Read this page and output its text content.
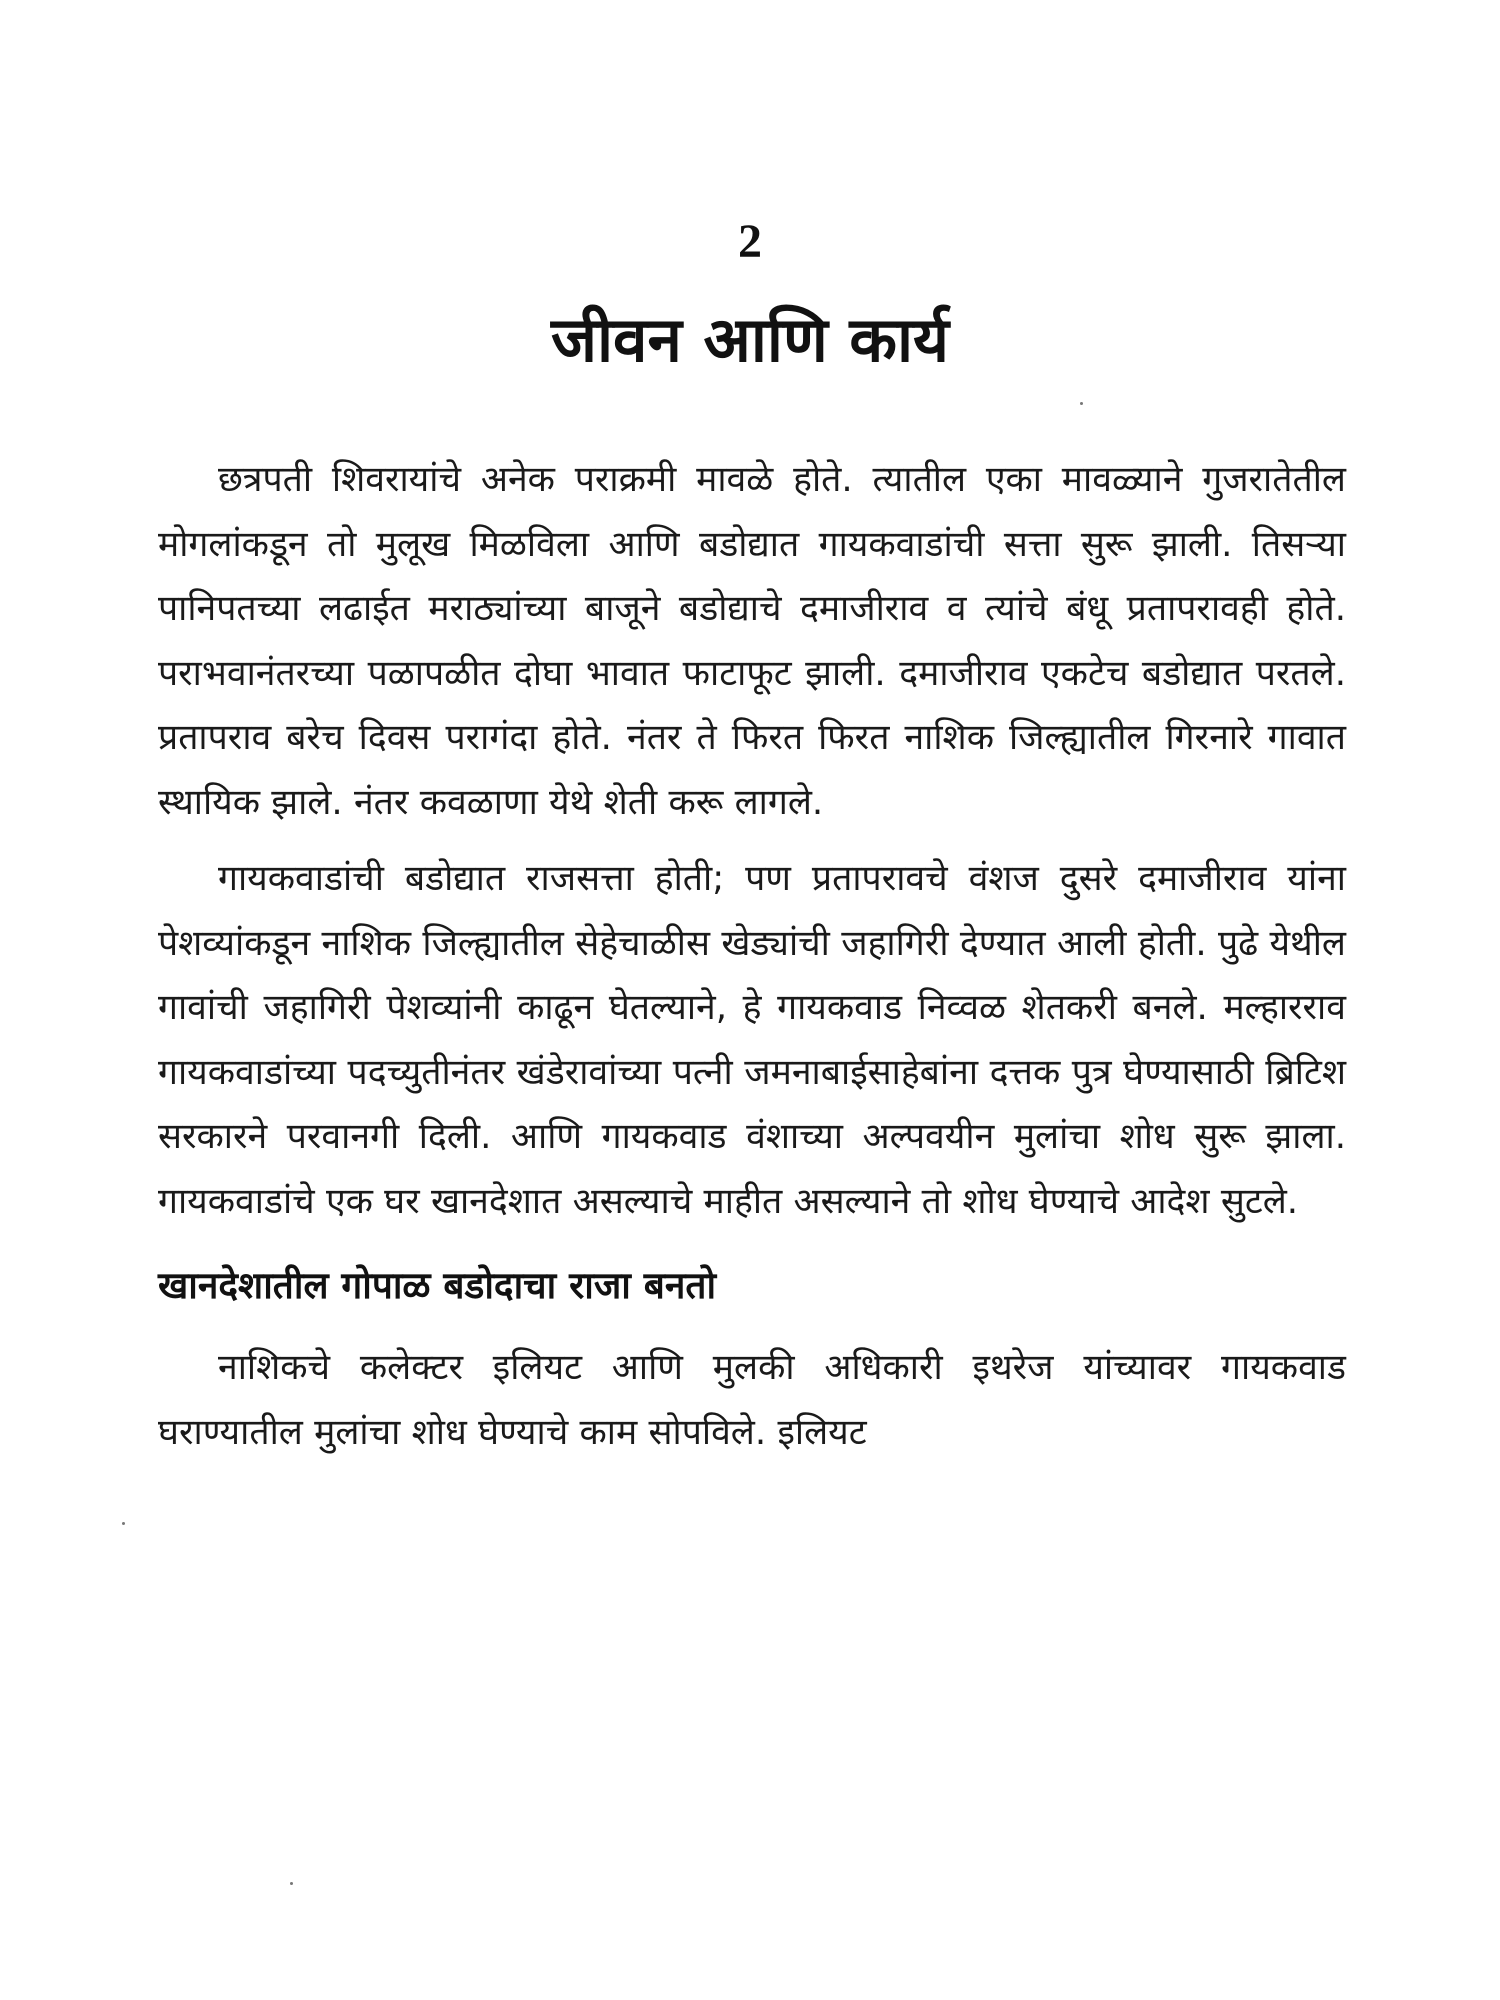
2
जीवन आणि कार्य

छत्रपती शिवरायांचे अनेक पराक्रमी मावळे होते. त्यातील एका मावळ्याने गुजरातेतील मोगलांकडून तो मुलूख मिळविला आणि बडोद्यात गायकवाडांची सत्ता सुरू झाली. तिसऱ्या पानिपतच्या लढाईत मराठ्यांच्या बाजूने बडोद्याचे दमाजीराव व त्यांचे बंधू प्रतापरावही होते. पराभवानंतरच्या पळापळीत दोघा भावात फाटाफूट झाली. दमाजीराव एकटेच बडोद्यात परतले. प्रतापराव बरेच दिवस परागंदा होते. नंतर ते फिरत फिरत नाशिक जिल्ह्यातील गिरनारे गावात स्थायिक झाले. नंतर कवळाणा येथे शेती करू लागले.

गायकवाडांची बडोद्यात राजसत्ता होती; पण प्रतापरावचे वंशज दुसरे दमाजीराव यांना पेशव्यांकडून नाशिक जिल्ह्यातील सेहेचाळीस खेड्यांची जहागिरी देण्यात आली होती. पुढे येथील गावांची जहागिरी पेशव्यांनी काढून घेतल्याने, हे गायकवाड निव्वळ शेतकरी बनले. मल्हारराव गायकवाडांच्या पदच्युतीनंतर खंडेरावांच्या पत्नी जमनाबाईसाहेबांना दत्तक पुत्र घेण्यासाठी ब्रिटिश सरकारने परवानगी दिली. आणि गायकवाड वंशाच्या अल्पवयीन मुलांचा शोध सुरू झाला. गायकवाडांचे एक घर खानदेशात असल्याचे माहीत असल्याने तो शोध घेण्याचे आदेश सुटले.

खानदेशातील गोपाळ बडोदाचा राजा बनतो

नाशिकचे कलेक्टर इलियट आणि मुलकी अधिकारी इथरेज यांच्यावर गायकवाड घराण्यातील मुलांचा शोध घेण्याचे काम सोपविले. इलियट
